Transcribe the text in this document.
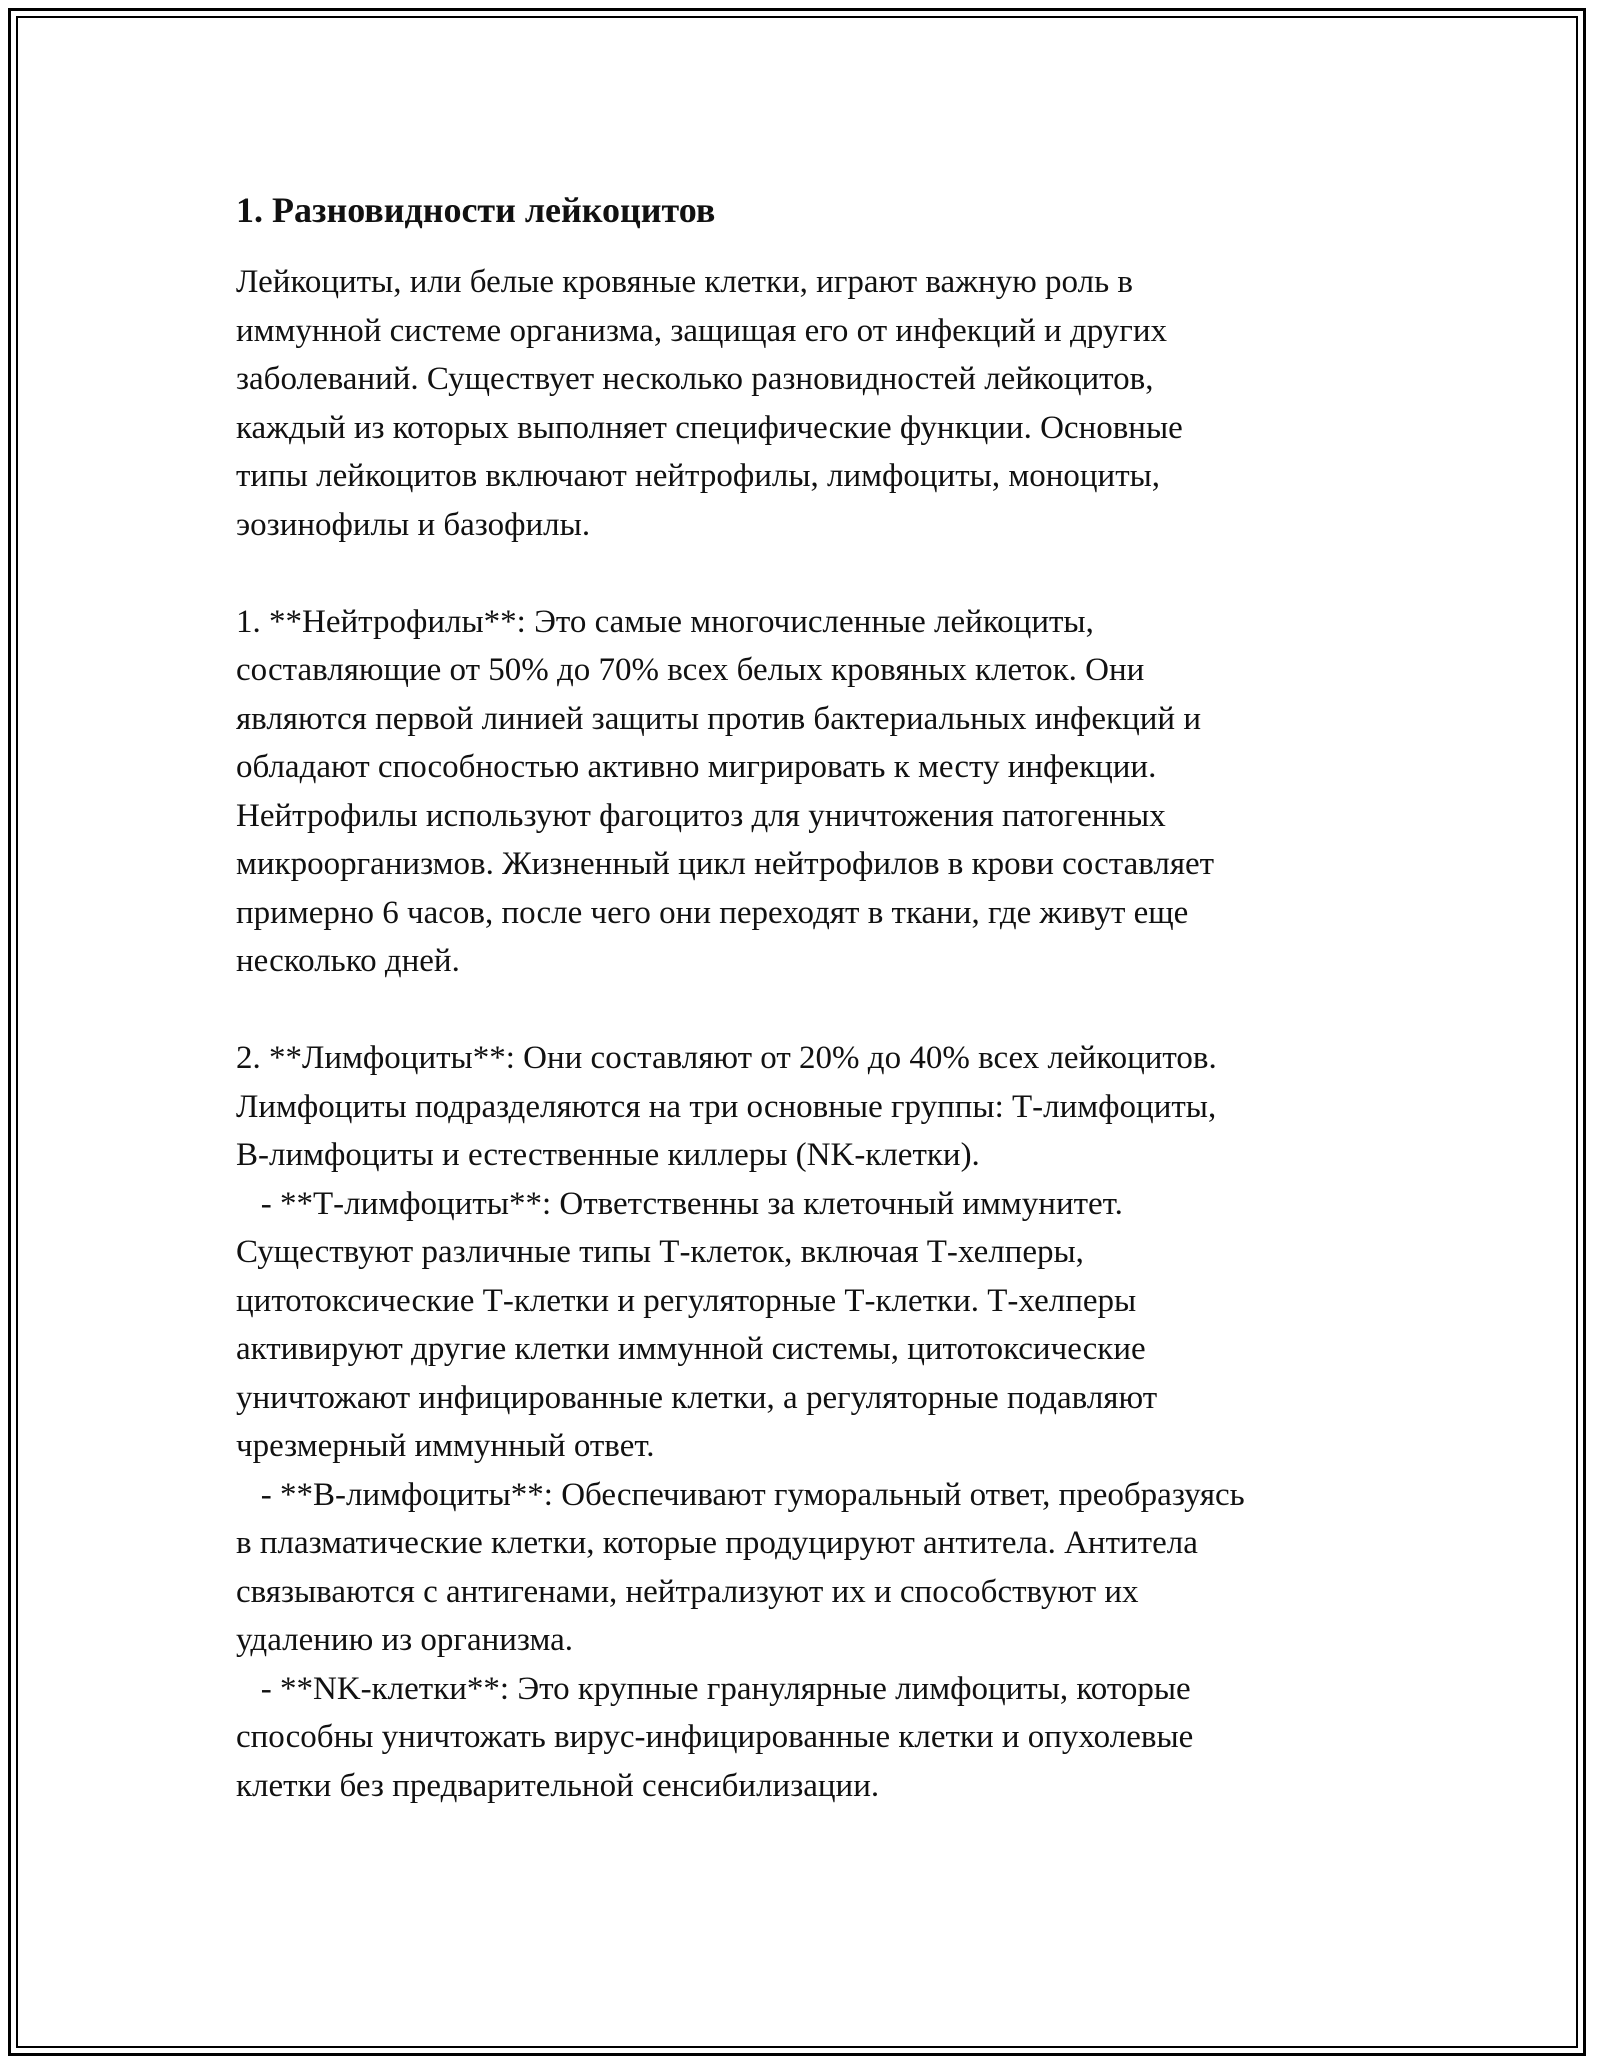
1. Разновидности лейкоцитов

Лейкоциты, или белые кровяные клетки, играют важную роль в
иммунной системе организма, защищая его от инфекций и других
заболеваний. Существует несколько разновидностей лейкоцитов,
каждый из которых выполняет специфические функции. Основные
типы лейкоцитов включают нейтрофилы, лимфоциты, моноциты,
эозинофилы и базофилы.

1. **Нейтрофилы**: Это самые многочисленные лейкоциты,
составляющие от 50% до 70% всех белых кровяных клеток. Они
являются первой линией защиты против бактериальных инфекций и
обладают способностью активно мигрировать к месту инфекции.
Нейтрофилы используют фагоцитоз для уничтожения патогенных
микроорганизмов. Жизненный цикл нейтрофилов в крови составляет
примерно 6 часов, после чего они переходят в ткани, где живут еще
несколько дней.

2. **Лимфоциты**: Они составляют от 20% до 40% всех лейкоцитов.
Лимфоциты подразделяются на три основные группы: Т-лимфоциты,
В-лимфоциты и естественные киллеры (NK-клетки).

- **Т-лимфоциты**: Ответственны за клеточный иммунитет.
Существуют различные типы Т-клеток, включая Т-хелперы,
цитотоксические Т-клетки и регуляторные Т-клетки. Т-хелперы
активируют другие клетки иммунной системы, цитотоксические
уничтожают инфицированные клетки, а регуляторные подавляют
чрезмерный иммунный ответ.

- **В-лимфоциты**: Обеспечивают гуморальный ответ, преобразуясь
в плазматические клетки, которые продуцируют антитела. Антитела
связываются с антигенами, нейтрализуют их и способствуют их
удалению из организма.

- **NK-клетки**: Это крупные гранулярные лимфоциты, которые
способны уничтожать вирус-инфицированные клетки и опухолевые
клетки без предварительной сенсибилизации.
